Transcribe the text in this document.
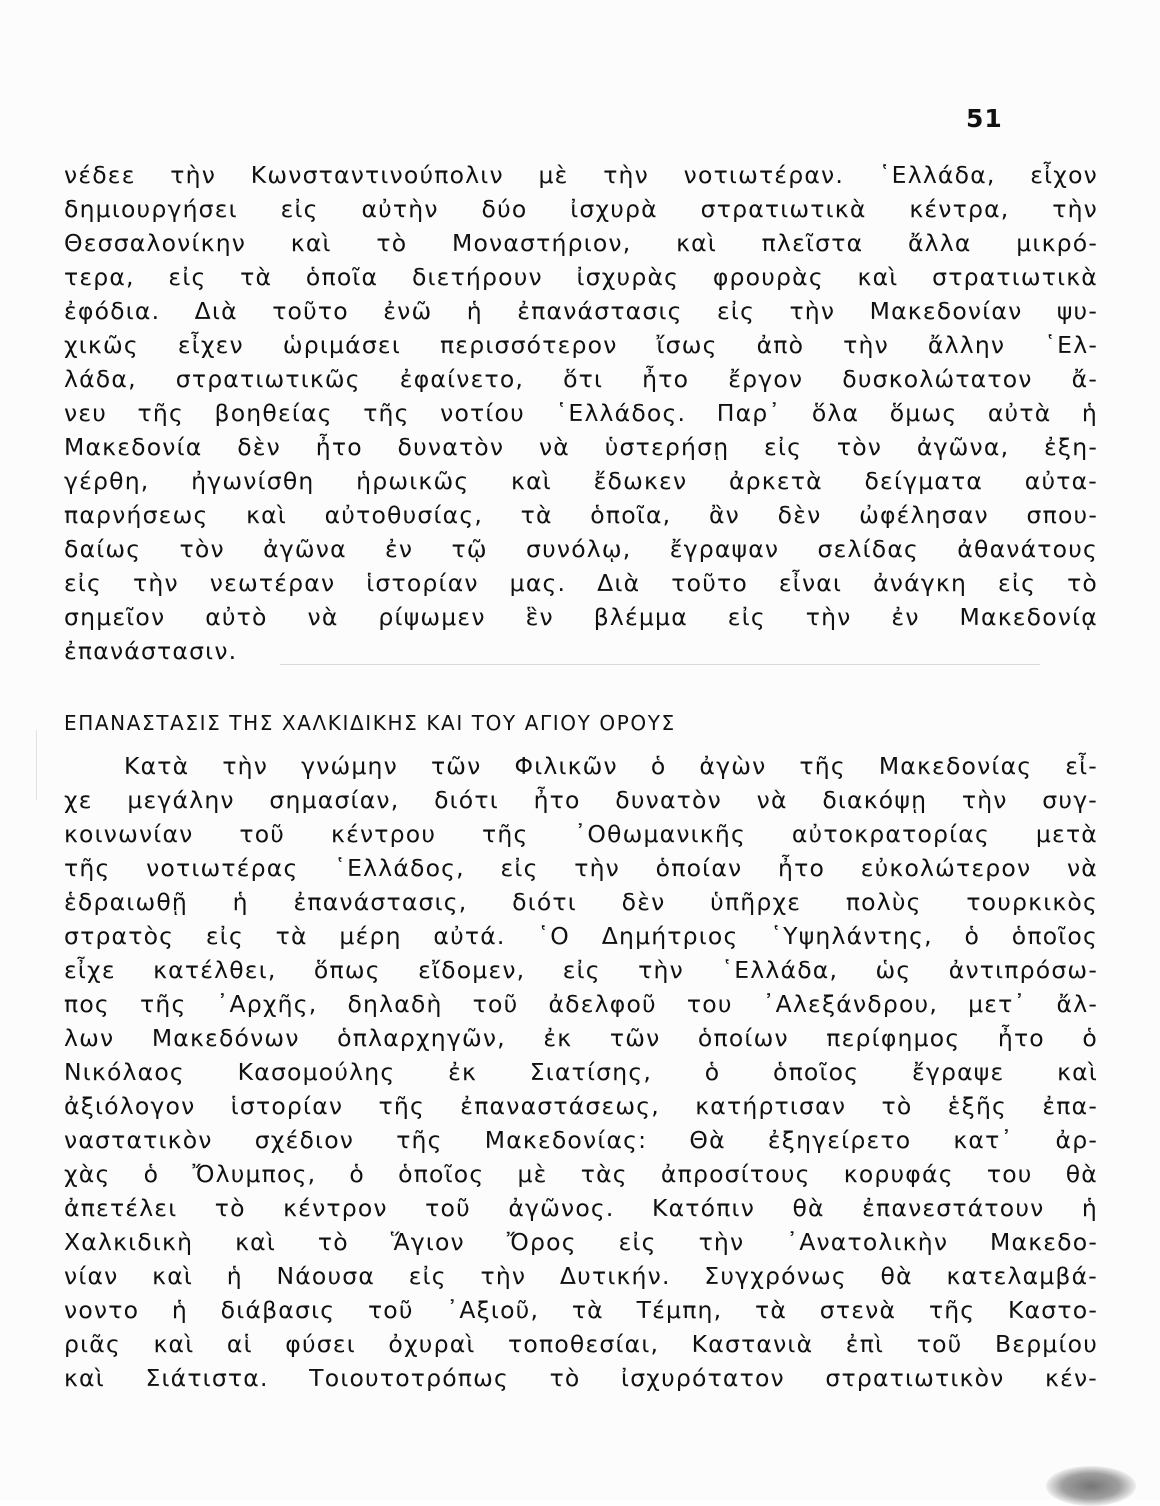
51
νέδεε τὴν Κωνσταντινούπολιν μὲ τὴν νοτιωτέραν. ῾Ελλάδα, εἶχον
δημιουργήσει εἰς αὐτὴν δύο ἰσχυρὰ στρατιωτικὰ κέντρα, τὴν
Θεσσαλονίκην καὶ τὸ Μοναστήριον, καὶ πλεῖστα ἄλλα μικρό-
τερα, εἰς τὰ ὁποῖα διετήρουν ἰσχυρὰς φρουρὰς καὶ στρατιωτικὰ
ἐφόδια. Διὰ τοῦτο ἐνῶ ἡ ἐπανάστασις εἰς τὴν Μακεδονίαν ψυ-
χικῶς εἶχεν ὡριμάσει περισσότερον ἴσως ἀπὸ τὴν ἄλλην ῾Ελ-
λάδα, στρατιωτικῶς ἐφαίνετο, ὅτι ἦτο ἔργον δυσκολώτατον ἄ-
νευ τῆς βοηθείας τῆς νοτίου ῾Ελλάδος. Παρ᾽ ὅλα ὅμως αὐτὰ ἡ
Μακεδονία δὲν ἦτο δυνατὸν νὰ ὑστερήσῃ εἰς τὸν ἀγῶνα, ἐξη-
γέρθη, ἠγωνίσθη ἡρωικῶς καὶ ἔδωκεν ἀρκετὰ δείγματα αὐτα-
παρνήσεως καὶ αὐτοθυσίας, τὰ ὁποῖα, ἂν δὲν ὠφέλησαν σπου-
δαίως τὸν ἀγῶνα ἐν τῷ συνόλῳ, ἔγραψαν σελίδας ἀθανάτους
εἰς τὴν νεωτέραν ἱστορίαν μας. Διὰ τοῦτο εἶναι ἀνάγκη εἰς τὸ
σημεῖον αὐτὸ νὰ ρίψωμεν ἓν βλέμμα εἰς τὴν ἐν Μακεδονίᾳ
ἐπανάστασιν.
ΕΠΑΝΑΣΤΑΣΙΣ ΤΗΣ ΧΑΛΚΙΔΙΚΗΣ ΚΑΙ ΤΟΥ ΑΓΙΟΥ ΟΡΟΥΣ
Κατὰ τὴν γνώμην τῶν Φιλικῶν ὁ ἀγὼν τῆς Μακεδονίας εἶ-
χε μεγάλην σημασίαν, διότι ἦτο δυνατὸν νὰ διακόψῃ τὴν συγ-
κοινωνίαν τοῦ κέντρου τῆς ᾿Οθωμανικῆς αὐτοκρατορίας μετὰ
τῆς νοτιωτέρας ῾Ελλάδος, εἰς τὴν ὁποίαν ἦτο εὐκολώτερον νὰ
ἑδραιωθῇ ἡ ἐπανάστασις, διότι δὲν ὑπῆρχε πολὺς τουρκικὸς
στρατὸς εἰς τὰ μέρη αὐτά. ῾Ο Δημήτριος ῾Υψηλάντης, ὁ ὁποῖος
εἶχε κατέλθει, ὅπως εἴδομεν, εἰς τὴν ῾Ελλάδα, ὡς ἀντιπρόσω-
πος τῆς ᾿Αρχῆς, δηλαδὴ τοῦ ἀδελφοῦ του ᾿Αλεξάνδρου, μετ᾽ ἄλ-
λων Μακεδόνων ὁπλαρχηγῶν, ἐκ τῶν ὁποίων περίφημος ἦτο ὁ
Νικόλαος Κασομούλης ἐκ Σιατίσης, ὁ ὁποῖος ἔγραψε καὶ
ἀξιόλογον ἱστορίαν τῆς ἐπαναστάσεως, κατήρτισαν τὸ ἑξῆς ἐπα-
ναστατικὸν σχέδιον τῆς Μακεδονίας: Θὰ ἐξηγείρετο κατ᾽ ἀρ-
χὰς ὁ Ὄλυμπος, ὁ ὁποῖος μὲ τὰς ἀπροσίτους κορυφάς του θὰ
ἀπετέλει τὸ κέντρον τοῦ ἀγῶνος. Κατόπιν θὰ ἐπανεστάτουν ἡ
Χαλκιδικὴ καὶ τὸ Ἅγιον Ὄρος εἰς τὴν ᾿Ανατολικὴν Μακεδο-
νίαν καὶ ἡ Νάουσα εἰς τὴν Δυτικήν. Συγχρόνως θὰ κατελαμβά-
νοντο ἡ διάβασις τοῦ ᾿Αξιοῦ, τὰ Τέμπη, τὰ στενὰ τῆς Καστο-
ριᾶς καὶ αἱ φύσει ὀχυραὶ τοποθεσίαι, Καστανιὰ ἐπὶ τοῦ Βερμίου
καὶ Σιάτιστα. Τοιουτοτρόπως τὸ ἰσχυρότατον στρατιωτικὸν κέν-
